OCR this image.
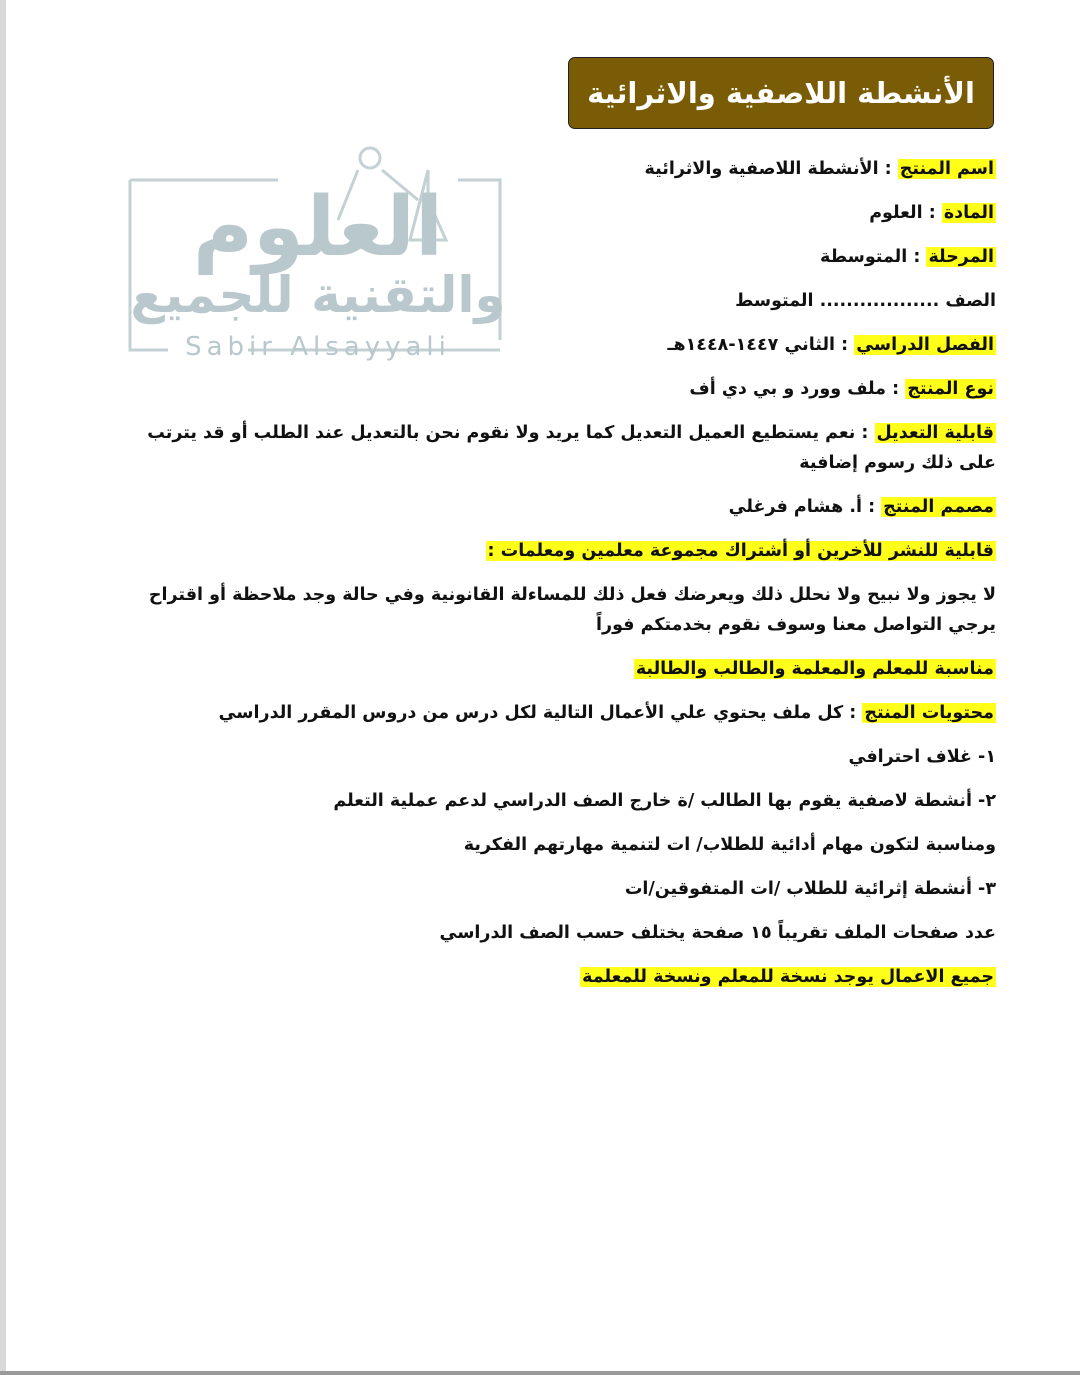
الأنشطة اللاصفية والاثرائية
العلوم
والتقنية للجميع
Sabir Alsayyali

اسم المنتج : الأنشطة اللاصفية والاثرائية

المادة : العلوم

المرحلة : المتوسطة

الصف .................. المتوسط

الفصل الدراسي : الثاني ١٤٤٧-١٤٤٨هـ

نوع المنتج : ملف وورد و بي دي أف

قابلية التعديل : نعم يستطيع العميل التعديل كما يريد ولا نقوم نحن بالتعديل عند الطلب أو قد يترتب على ذلك رسوم إضافية

مصمم المنتج : أ. هشام فرغلي

قابلية للنشر للأخرين أو أشتراك مجموعة معلمين ومعلمات :

لا يجوز ولا نبيح ولا نحلل ذلك ويعرضك فعل ذلك للمساءلة القانونية وفي حالة وجد ملاحظة أو اقتراح يرجي التواصل معنا وسوف نقوم بخدمتكم فوراً

مناسبة للمعلم والمعلمة والطالب والطالبة

محتويات المنتج : كل ملف يحتوي علي الأعمال التالية لكل درس من دروس المقرر الدراسي

١- غلاف احترافي

٢- أنشطة لاصفية يقوم بها الطالب /ة خارج الصف الدراسي لدعم عملية التعلم

ومناسبة لتكون مهام أدائية للطلاب/ ات لتنمية مهارتهم الفكرية

٣- أنشطة إثرائية للطلاب /ات المتفوقين/ات

عدد صفحات الملف تقريباً ١٥ صفحة يختلف حسب الصف الدراسي

جميع الاعمال يوجد نسخة للمعلم ونسخة للمعلمة
